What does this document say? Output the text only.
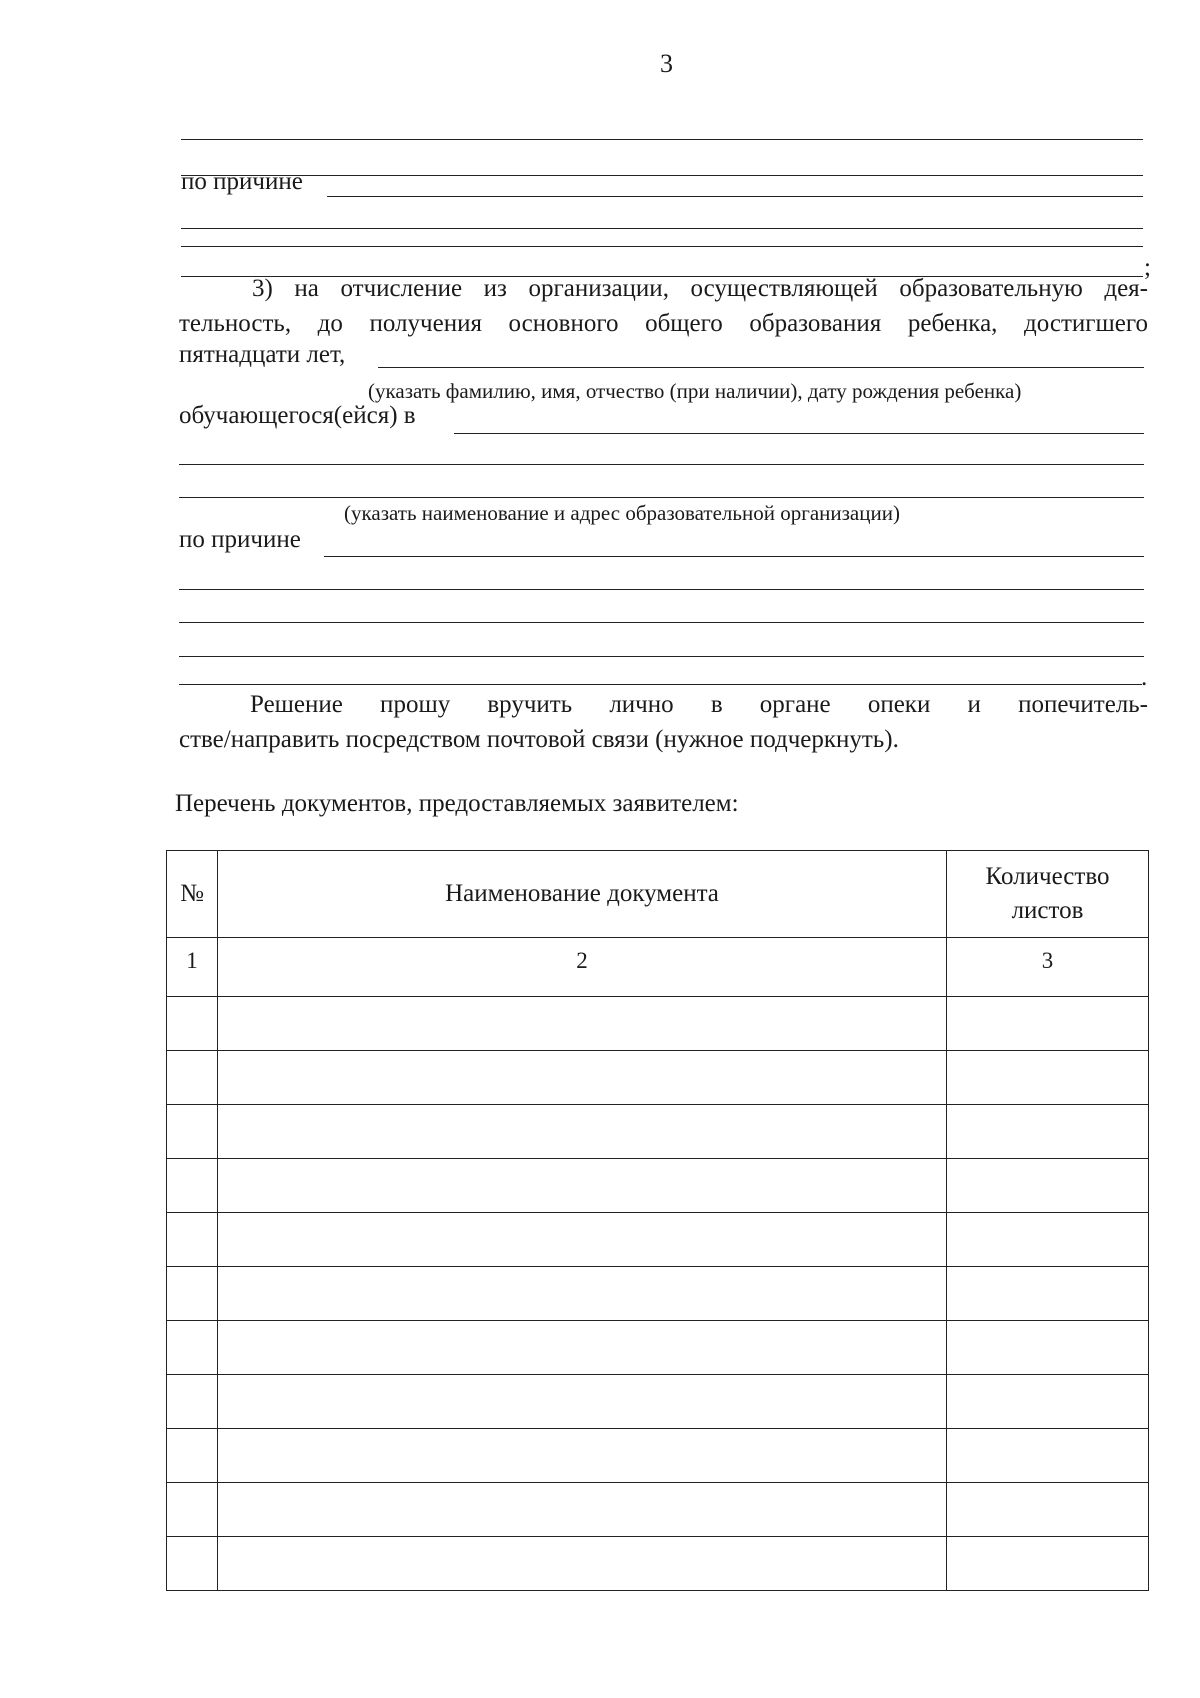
3
по причине
;
3) на отчисление из организации, осуществляющей образовательную дея-
тельность, до получения основного общего образования ребенка, достигшего
пятнадцати лет,
(указать фамилию, имя, отчество (при наличии), дату рождения ребенка)
обучающегося(ейся) в
(указать наименование и адрес образовательной организации)
по причине
.
Решение прошу вручить лично в органе опеки и попечитель-
стве/направить посредством почтовой связи (нужное подчеркнуть).
Перечень документов, предоставляемых заявителем:
№	Наименование документа	Количество листов
1	2	3
